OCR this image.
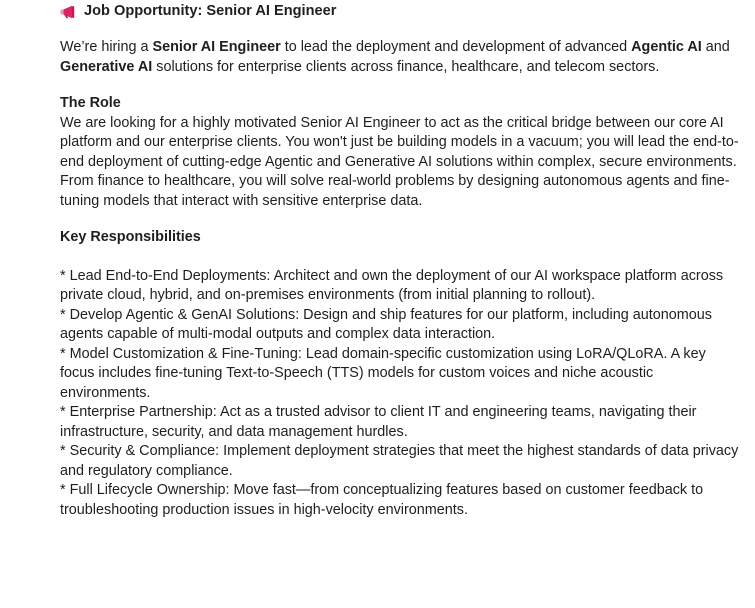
Job Opportunity: Senior AI Engineer

We’re hiring a Senior AI Engineer to lead the deployment and development of advanced Agentic AI and Generative AI solutions for enterprise clients across finance, healthcare, and telecom sectors.

The Role

We are looking for a highly motivated Senior AI Engineer to act as the critical bridge between our core AI platform and our enterprise clients. You won't just be building models in a vacuum; you will lead the end-to-end deployment of cutting-edge Agentic and Generative AI solutions within complex, secure environments.

From finance to healthcare, you will solve real-world problems by designing autonomous agents and fine-tuning models that interact with sensitive enterprise data.

Key Responsibilities

* Lead End-to-End Deployments: Architect and own the deployment of our AI workspace platform across private cloud, hybrid, and on-premises environments (from initial planning to rollout).

* Develop Agentic & GenAI Solutions: Design and ship features for our platform, including autonomous agents capable of multi-modal outputs and complex data interaction.

* Model Customization & Fine-Tuning: Lead domain-specific customization using LoRA/QLoRA. A key focus includes fine-tuning Text-to-Speech (TTS) models for custom voices and niche acoustic environments.

* Enterprise Partnership: Act as a trusted advisor to client IT and engineering teams, navigating their infrastructure, security, and data management hurdles.

* Security & Compliance: Implement deployment strategies that meet the highest standards of data privacy and regulatory compliance.

* Full Lifecycle Ownership: Move fast—from conceptualizing features based on customer feedback to troubleshooting production issues in high-velocity environments.
